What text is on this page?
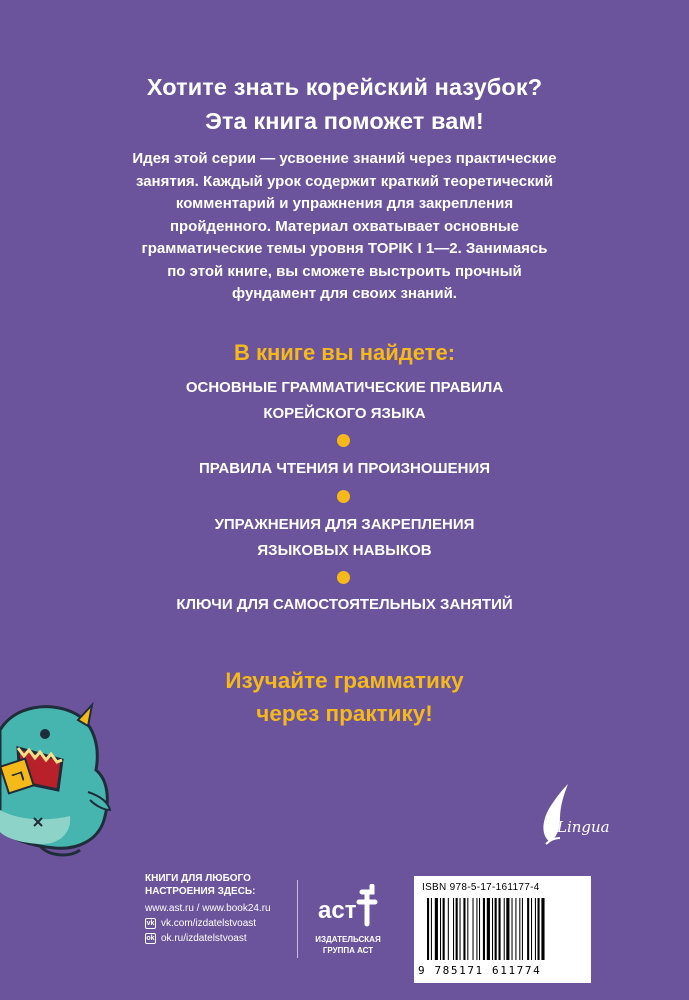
Хотите знать корейский назубок?
Эта книга поможет вам!
Идея этой серии — усвоение знаний через практические
занятия. Каждый урок содержит краткий теоретический
комментарий и упражнения для закрепления
пройденного. Материал охватывает основные
грамматические темы уровня TOPIK I 1—2. Занимаясь
по этой книге, вы сможете выстроить прочный
фундамент для своих знаний.
В книге вы найдете:
ОСНОВНЫЕ ГРАММАТИЧЕСКИЕ ПРАВИЛА
КОРЕЙСКОГО ЯЗЫКА
ПРАВИЛА ЧТЕНИЯ И ПРОИЗНОШЕНИЯ
УПРАЖНЕНИЯ ДЛЯ ЗАКРЕПЛЕНИЯ
ЯЗЫКОВЫХ НАВЫКОВ
КЛЮЧИ ДЛЯ САМОСТОЯТЕЛЬНЫХ ЗАНЯТИЙ
Изучайте грамматику
через практику!
ㄱ
Lingua
КНИГИ ДЛЯ ЛЮБОГО
НАСТРОЕНИЯ ЗДЕСЬ:
www.ast.ru / www.book24.ru
vk vk.com/izdatelstvoast
ok ok.ru/izdatelstvoast
аст
ИЗДАТЕЛЬСКАЯ
ГРУППА АСТ
ISBN 978-5-17-161177-4
9 785171 611774
